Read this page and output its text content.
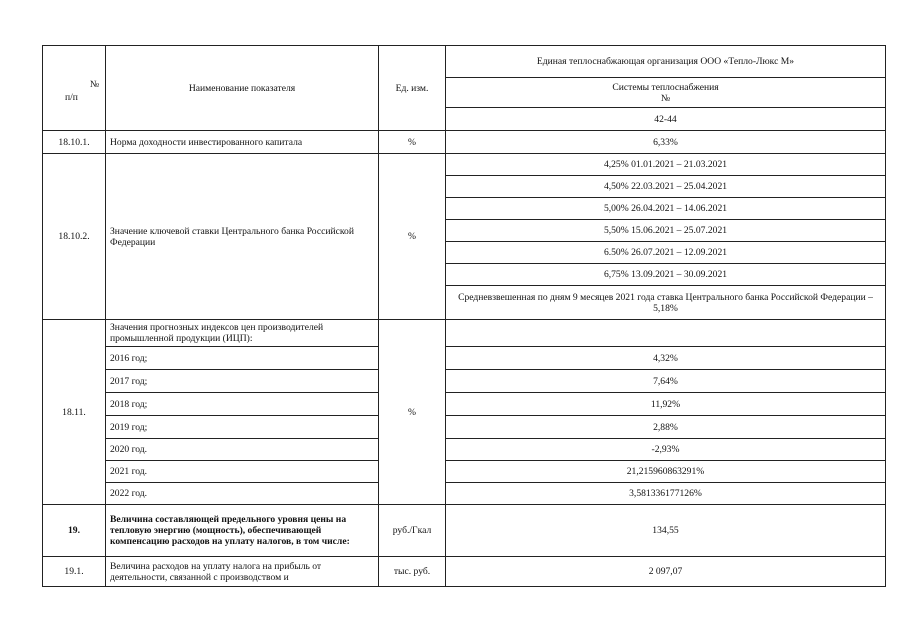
№
п/п	Наименование показателя	Ед. изм.	Единая теплоснабжающая организация ООО «Тепло-Люкс М»

			Системы теплоснабжения
№

			42-44
18.10.1.	Норма доходности инвестированного капитала	%	6,33%
18.10.2.	Значение ключевой ставки Центрального банка Российской Федерации	%	4,25% 01.01.2021 – 21.03.2021
			4,50% 22.03.2021 – 25.04.2021
			5,00% 26.04.2021 – 14.06.2021
			5,50% 15.06.2021 – 25.07.2021
			6.50% 26.07.2021 – 12.09.2021
			6,75% 13.09.2021 – 30.09.2021
			Средневзвешенная по дням 9 месяцев 2021 года ставка Центрального банка Российской Федерации – 5,18%
18.11.	Значения прогнозных индексов цен производителей промышленной продукции (ИЦП):	%	
	2016 год;		4,32%
	2017 год;		7,64%
	2018 год;		11,92%
	2019 год;		2,88%
	2020 год.		-2,93%
	2021 год.		21,215960863291%
	2022 год.		3,581336177126%
19.	Величина составляющей предельного уровня цены на тепловую энергию (мощность), обеспечивающей компенсацию расходов на уплату налогов, в том числе:	руб./Гкал	134,55
19.1.	Величина расходов на уплату налога на прибыль от деятельности, связанной с производством и	тыс. руб.	2 097,07
